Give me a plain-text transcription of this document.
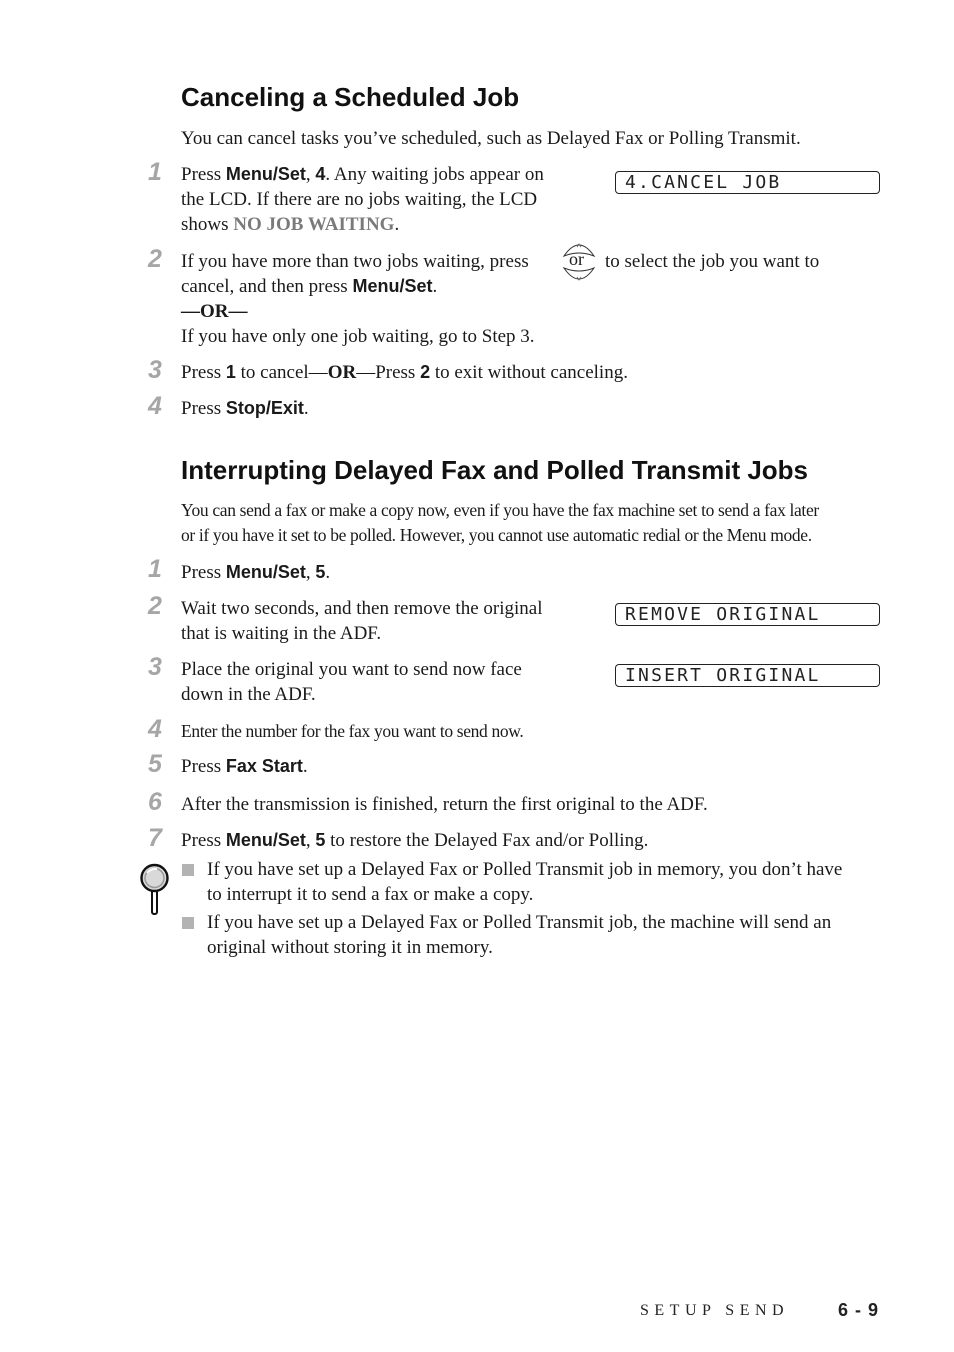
Canceling a Scheduled Job
You can cancel tasks you’ve scheduled, such as Delayed Fax or Polling Transmit.
1 Press Menu/Set, 4. Any waiting jobs appear on
the LCD. If there are no jobs waiting, the LCD
shows NO JOB WAITING.
4.CANCEL JOB
2 If you have more than two jobs waiting, press or to select the job you want to
cancel, and then press Menu/Set.
—OR—
If you have only one job waiting, go to Step 3.
3 Press 1 to cancel—OR—Press 2 to exit without canceling.
4 Press Stop/Exit.
Interrupting Delayed Fax and Polled Transmit Jobs
You can send a fax or make a copy now, even if you have the fax machine set to send a fax later
or if you have it set to be polled. However, you cannot use automatic redial or the Menu mode.
1 Press Menu/Set, 5.
2 Wait two seconds, and then remove the original
that is waiting in the ADF.
REMOVE ORIGINAL
3 Place the original you want to send now face
down in the ADF.
INSERT ORIGINAL
4 Enter the number for the fax you want to send now.
5 Press Fax Start.
6 After the transmission is finished, return the first original to the ADF.
7 Press Menu/Set, 5 to restore the Delayed Fax and/or Polling.
If you have set up a Delayed Fax or Polled Transmit job in memory, you don’t have
to interrupt it to send a fax or make a copy.
If you have set up a Delayed Fax or Polled Transmit job, the machine will send an
original without storing it in memory.
SETUP SEND	6 - 9
